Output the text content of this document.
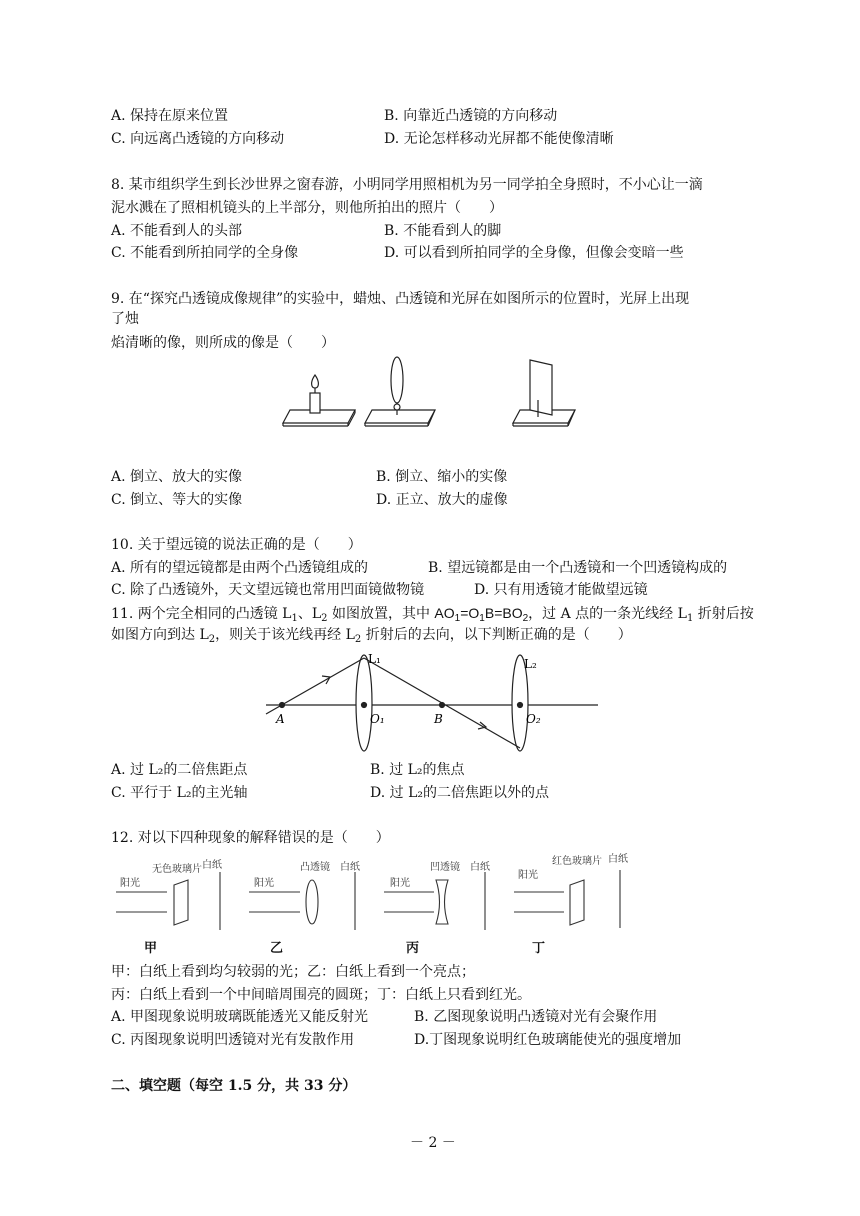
A. 保持在原来位置	B. 向靠近凸透镜的方向移动
C. 向远离凸透镜的方向移动	D. 无论怎样移动光屏都不能使像清晰
8. 某市组织学生到长沙世界之窗春游，小明同学用照相机为另一同学拍全身照时，不小心让一滴
泥水溅在了照相机镜头的上半部分，则他所拍出的照片（　　）
A. 不能看到人的头部	B. 不能看到人的脚
C. 不能看到所拍同学的全身像	D. 可以看到所拍同学的全身像，但像会变暗一些
9. 在“探究凸透镜成像规律”的实验中，蜡烛、凸透镜和光屏在如图所示的位置时，光屏上出现
了烛
焰清晰的像，则所成的像是（　　）
A. 倒立、放大的实像	B. 倒立、缩小的实像
C. 倒立、等大的实像	D. 正立、放大的虚像
10. 关于望远镜的说法正确的是（　　）
A. 所有的望远镜都是由两个凸透镜组成的	B. 望远镜都是由一个凸透镜和一个凹透镜构成的
C. 除了凸透镜外，天文望远镜也常用凹面镜做物镜	D. 只有用透镜才能做望远镜
11. 两个完全相同的凸透镜 $L_1$、$L_2$ 如图放置，其中 $AO_1=O_1B=BO_2$，过 A 点的一条光线经 $L_1$ 折射后按
如图方向到达 $L_2$，则关于该光线再经 $L_2$ 折射后的去向，以下判断正确的是（　　）
L₁	L₂
A	O₁	B	O₂
A. 过 L₂的二倍焦距点	B. 过 L₂的焦点
C. 平行于 L₂的主光轴	D. 过 L₂的二倍焦距以外的点
12. 对以下四种现象的解释错误的是（　　）
阳光
无色玻璃片 白纸
阳光
凸透镜 白纸
阳光
凹透镜 白纸
阳光
红色玻璃片 白纸
甲	乙	丙	丁
甲：白纸上看到均匀较弱的光；乙：白纸上看到一个亮点；
丙：白纸上看到一个中间暗周围亮的圆斑；丁：白纸上只看到红光。
A. 甲图现象说明玻璃既能透光又能反射光	B. 乙图现象说明凸透镜对光有会聚作用
C. 丙图现象说明凹透镜对光有发散作用	D.丁图现象说明红色玻璃能使光的强度增加
二、填空题（每空 1.5 分，共 33 分）
－ 2 －
